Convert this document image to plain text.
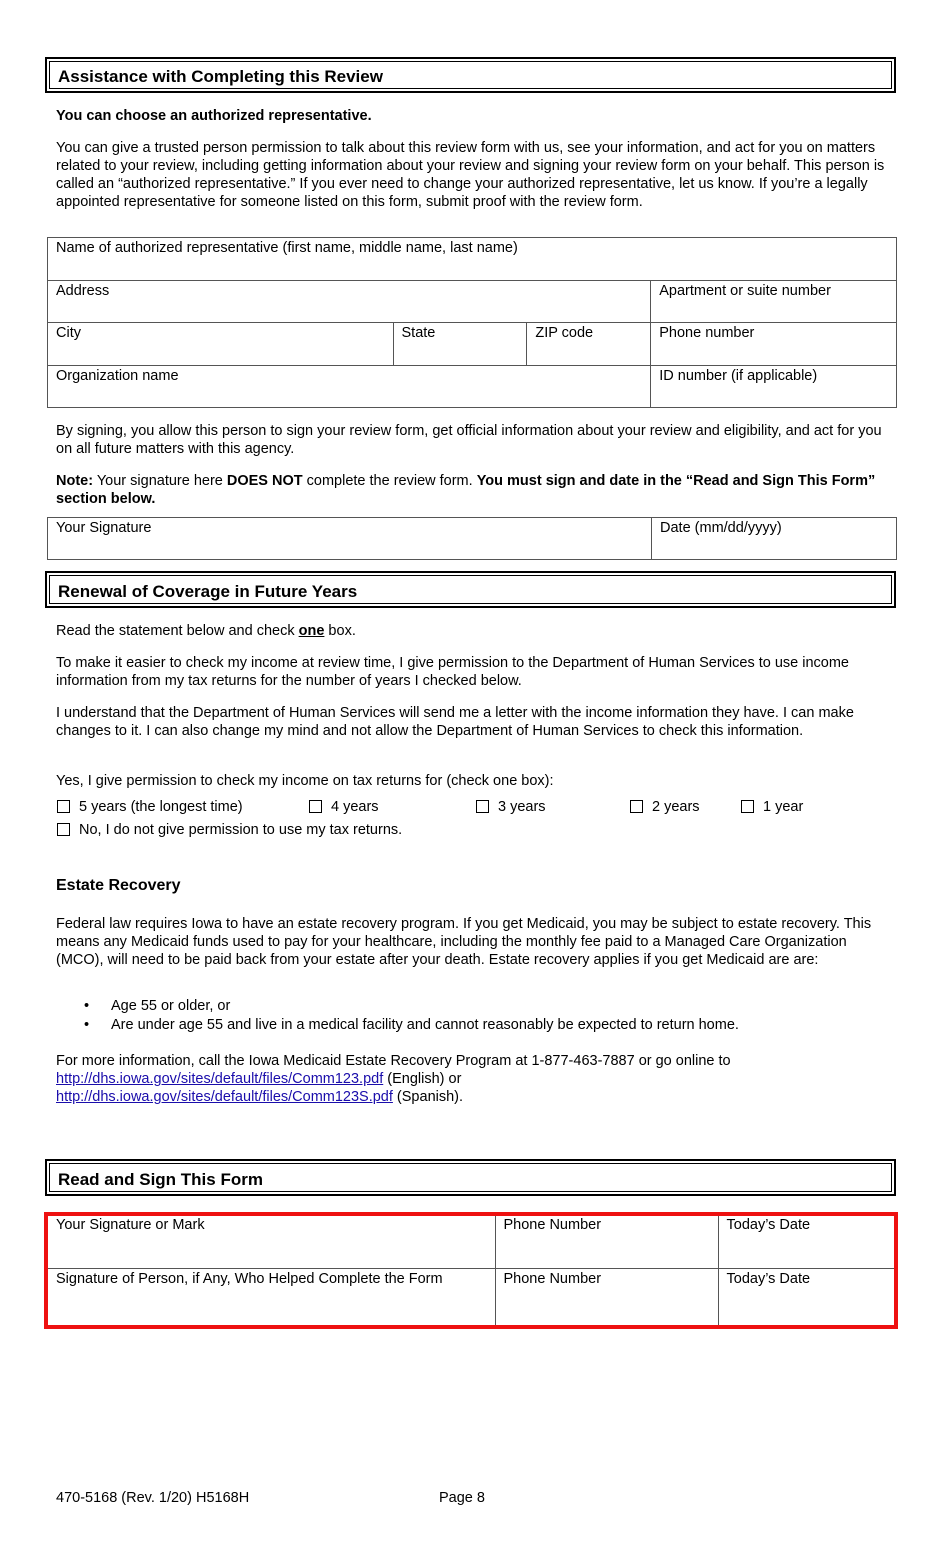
Assistance with Completing this Review
You can choose an authorized representative.
You can give a trusted person permission to talk about this review form with us, see your information, and act for you on matters related to your review, including getting information about your review and signing your review form on your behalf. This person is called an “authorized representative.” If you ever need to change your authorized representative, let us know. If you’re a legally appointed representative for someone listed on this form, submit proof with the review form.
Name of authorized representative (first name, middle name, last name)			
Address			Apartment or suite number
City	State	ZIP code	Phone number
Organization name			ID number (if applicable)
By signing, you allow this person to sign your review form, get official information about your review and eligibility, and act for you on all future matters with this agency.
Note: Your signature here DOES NOT complete the review form. You must sign and date in the “Read and Sign This Form” section below.
Your Signature	Date (mm/dd/yyyy)
Renewal of Coverage in Future Years
Read the statement below and check one box.
To make it easier to check my income at review time, I give permission to the Department of Human Services to use income information from my tax returns for the number of years I checked below.
I understand that the Department of Human Services will send me a letter with the income information they have. I can make changes to it. I can also change my mind and not allow the Department of Human Services to check this information.
Yes, I give permission to check my income on tax returns for (check one box):
5 years (the longest time)	4 years	3 years	2 years	1 year
No, I do not give permission to use my tax returns.
Estate Recovery
Federal law requires Iowa to have an estate recovery program. If you get Medicaid, you may be subject to estate recovery. This means any Medicaid funds used to pay for your healthcare, including the monthly fee paid to a Managed Care Organization (MCO), will need to be paid back from your estate after your death. Estate recovery applies if you get Medicaid are are:
• Age 55 or older, or
• Are under age 55 and live in a medical facility and cannot reasonably be expected to return home.
For more information, call the Iowa Medicaid Estate Recovery Program at 1-877-463-7887 or go online to
http://dhs.iowa.gov/sites/default/files/Comm123.pdf (English) or
http://dhs.iowa.gov/sites/default/files/Comm123S.pdf (Spanish).
Read and Sign This Form
Your Signature or Mark	Phone Number	Today’s Date
Signature of Person, if Any, Who Helped Complete the Form	Phone Number	Today’s Date
470-5168 (Rev. 1/20) H5168H	Page 8
